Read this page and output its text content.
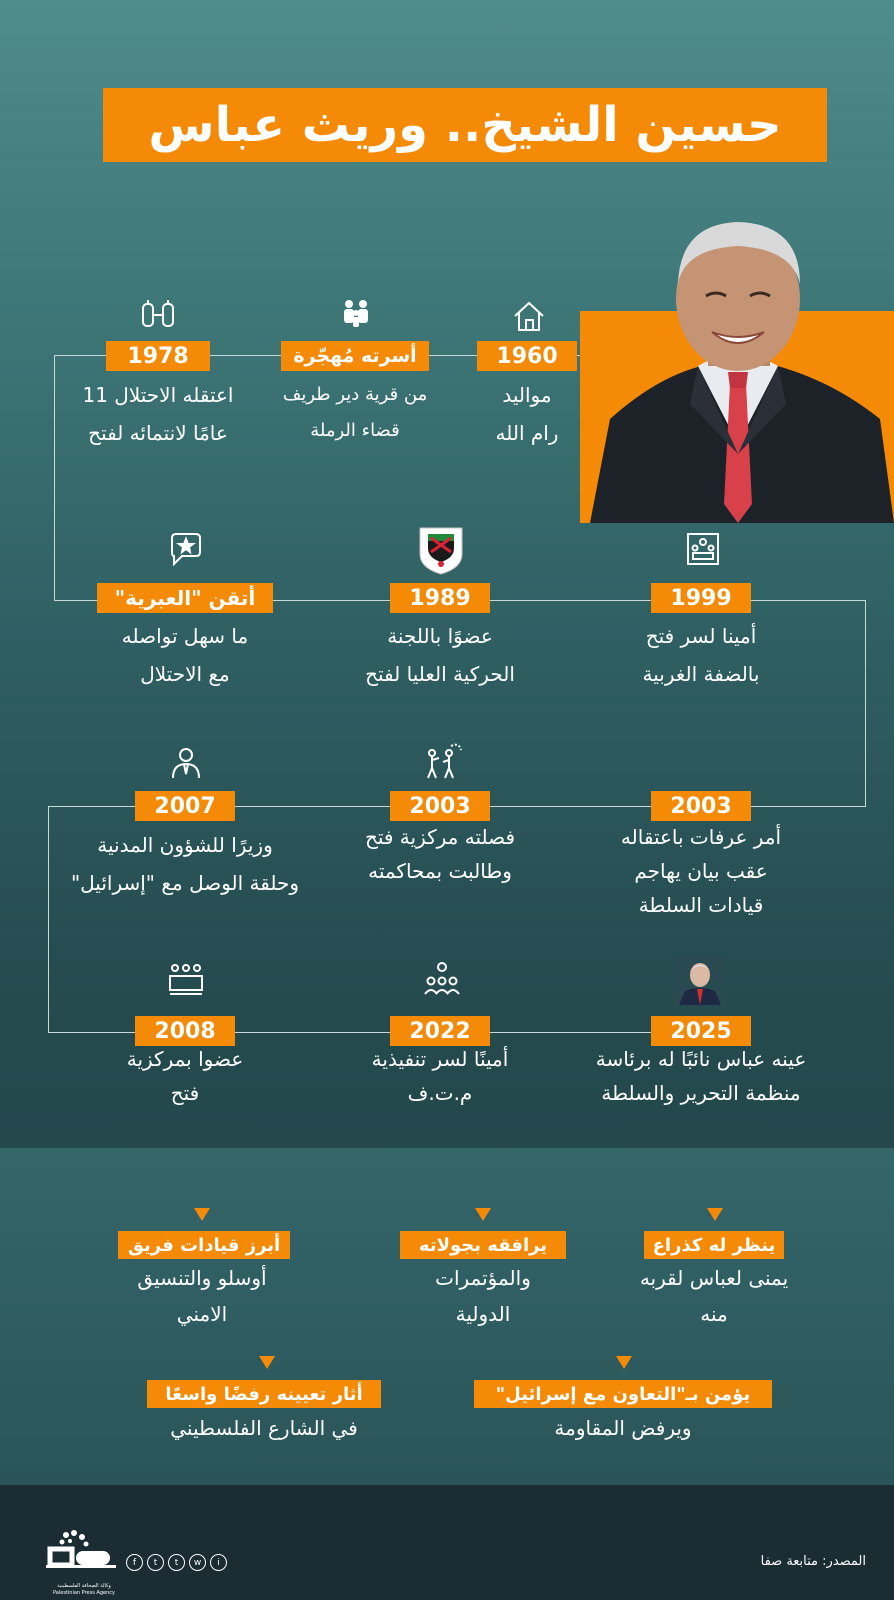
حسين الشيخ.. وريث عباس
1960
مواليد
رام الله
أسرته مُهجّرة
من قرية دير طريف
قضاء الرملة
1978
اعتقله الاحتلال 11
عامًا لانتمائه لفتح
1999
أمينا لسر فتح
بالضفة الغربية
1989
عضوًا باللجنة
الحركية العليا لفتح
أتقن "العبرية"
ما سهل تواصله
مع الاحتلال
2003
أمر عرفات باعتقاله
عقب بيان يهاجم
قيادات السلطة
2003
فصلته مركزية فتح
وطالبت بمحاكمته
2007
وزيرًا للشؤون المدنية
وحلقة الوصل مع "إسرائيل"
2025
عينه عباس نائبًا له برئاسة
منظمة التحرير والسلطة
2022
أمينًا لسر تنفيذية
م.ت.ف
2008
عضوا بمركزية
فتح
ينظر له كذراع
يمنى لعباس لقربه
منه
يرافقه بجولاته
والمؤتمرات
الدولية
أبرز قيادات فريق
أوسلو والتنسيق
الامني
يؤمن بـ"التعاون مع إسرائيل"
ويرفض المقاومة
أثار تعيينه رفضًا واسعًا
في الشارع الفلسطيني
وكالة الصحافة الفلسطينية
Palestinian Press Agency
f	t	t	w	i	المصدر: متابعة صفا
